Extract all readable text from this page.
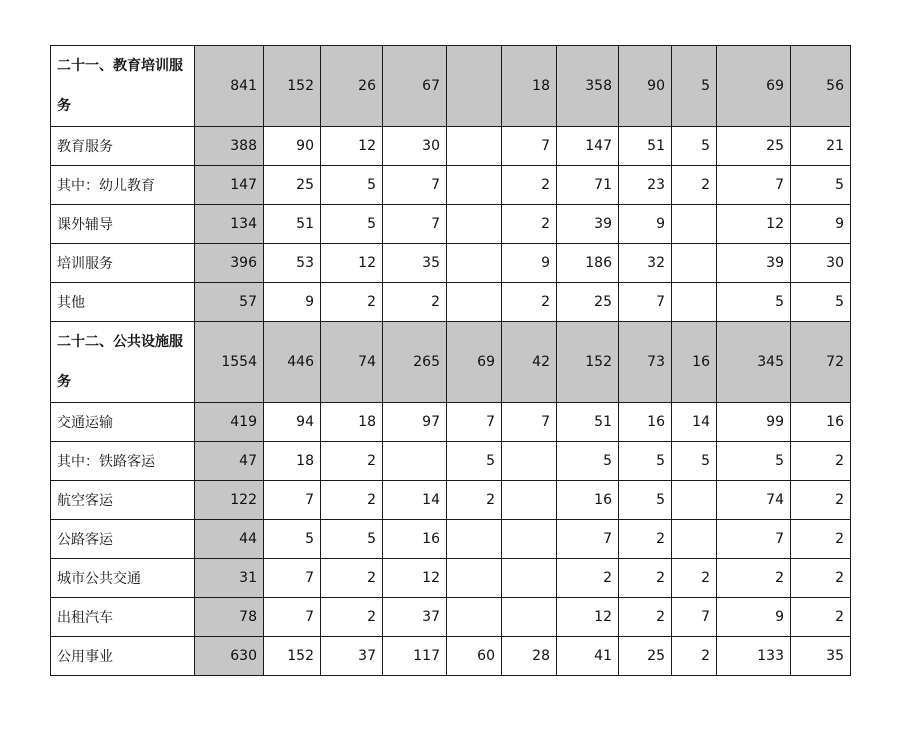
二十一、教育培训服务	841	152	26	67		18	358	90	5	69	56
教育服务	388	90	12	30		7	147	51	5	25	21
其中：幼儿教育	147	25	5	7		2	71	23	2	7	5
课外辅导	134	51	5	7		2	39	9		12	9
培训服务	396	53	12	35		9	186	32		39	30
其他	57	9	2	2		2	25	7		5	5
二十二、公共设施服务	1554	446	74	265	69	42	152	73	16	345	72
交通运输	419	94	18	97	7	7	51	16	14	99	16
其中：铁路客运	47	18	2		5		5	5	5	5	2
航空客运	122	7	2	14	2		16	5		74	2
公路客运	44	5	5	16			7	2		7	2
城市公共交通	31	7	2	12			2	2	2	2	2
出租汽车	78	7	2	37			12	2	7	9	2
公用事业	630	152	37	117	60	28	41	25	2	133	35
